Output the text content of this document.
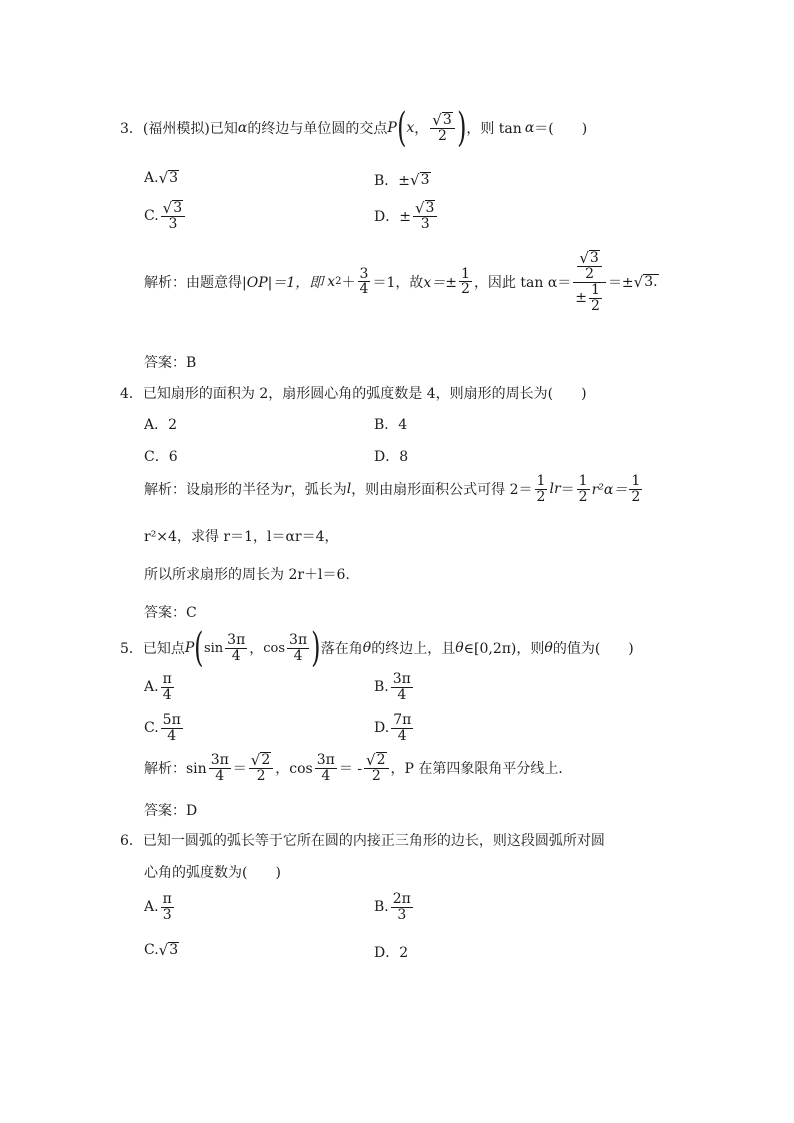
3． (福州模拟)已知 α 的终边与单位圆的交点 P ( x ， $\frac{√ 3}{2}$ ) ，则 tan α ＝(　　)
A. √ 3	B．± √ 3
C. $\frac{√ 3}{3}$	D．± $\frac{√ 3}{3}$
解析：由题意得 |OP|＝1，即 x $2 + \frac{3}{4} =1$，故 $x=\pm \frac{1}{2}$ ，因此 $\tan \alpha= \frac{\frac{√ 3}{2}}{\pm \frac{1}{2}}$ ＝± √ 3.
答案：B
4． 已知扇形的面积为 2，扇形圆心角的弧度数是 4，则扇形的周长为(　　)
A．2	B．4
C．6	D．8
解析：设扇形的半径为 r ，弧长为 l ，则由扇形面积公式可得 $2= \frac{1}{2}$ lr ＝ $\frac{1}{2} r^2\alpha= \frac{1}{2}$
r²×4，求得 r＝1，l＝αr＝4，
所以所求扇形的周长为 2r＋l＝6.
答案：C
5． 已知点 P ( $\sin \frac{3\pi}{4}$ ， $\cos \frac{3\pi}{4}$ ) 落在角 θ 的终边上，且 θ ∈[0,2π)，则 θ 的值为(　　)
A. $\frac{\pi}{4}$	B. $\frac{3\pi}{4}$
C. $\frac{5\pi}{4}$	D. $\frac{7\pi}{4}$
解析：$\sin \frac{3\pi}{4} = \frac{√ 2}{2}$ ，$\cos \frac{3\pi}{4}$ ＝ - $\frac{√ 2}{2}$ ，P 在第四象限角平分线上．
答案：D
6． 已知一圆弧的弧长等于它所在圆的内接正三角形的边长，则这段圆弧所对圆
心角的弧度数为(　　)
A. $\frac{\pi}{3}$	B. $\frac{2\pi}{3}$
C. √ 3	D．2
